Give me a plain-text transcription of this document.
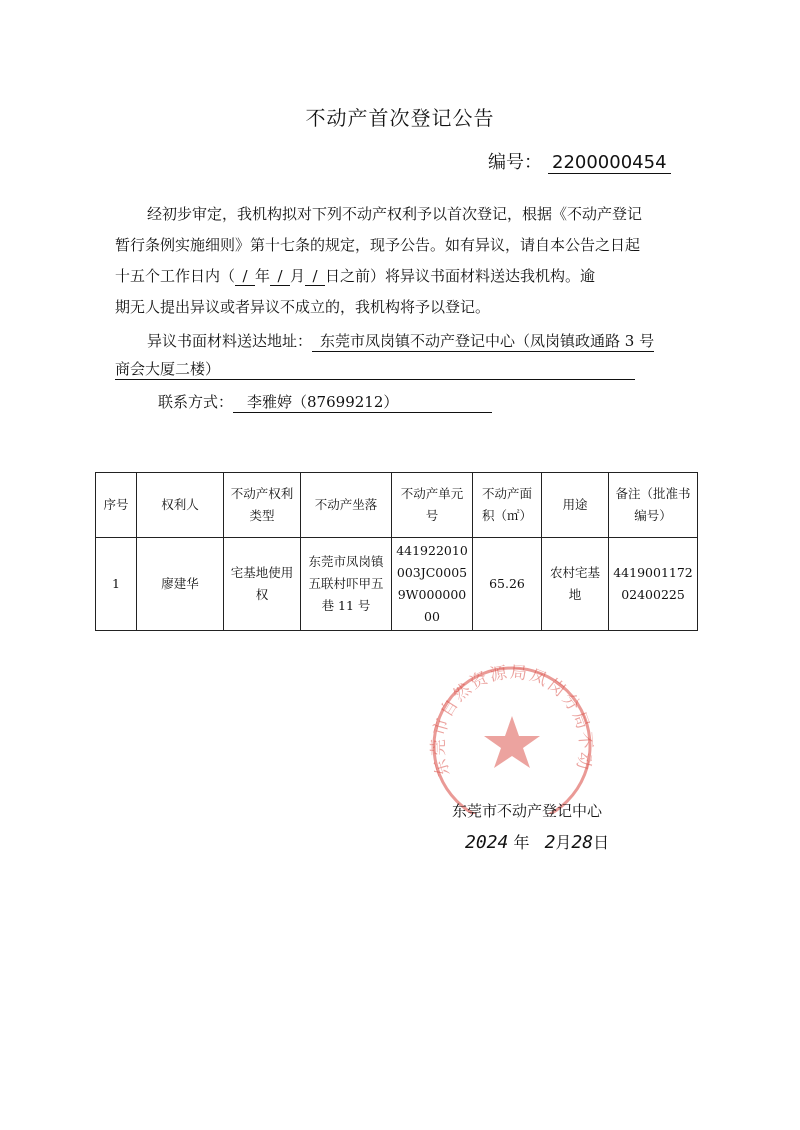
不动产首次登记公告
编号： 2200000454
经初步审定，我机构拟对下列不动产权利予以首次登记，根据《不动产登记
暂行条例实施细则》第十七条的规定，现予公告。如有异议，请自本公告之日起
十五个工作日内（ / 年 / 月 / 日之前）将异议书面材料送达我机构。逾
期无人提出异议或者异议不成立的，我机构将予以登记。
异议书面材料送达地址： 东莞市凤岗镇不动产登记中心（凤岗镇政通路 3 号
商会大厦二楼）
联系方式： 李雅婷（87699212）
序号	权利人	不动产权利类型	不动产坐落	不动产单元号	不动产面积（㎡）	用途	备注（批准书编号）
1	廖建华	宅基地使用权	东莞市凤岗镇五联村吓甲五巷 11 号	441922010003JC00059W00000000	65.26	农村宅基地	441900117202400225
东莞市自然资源局凤岗分局不动
东莞市不动产登记中心
2024 年 2月28日
